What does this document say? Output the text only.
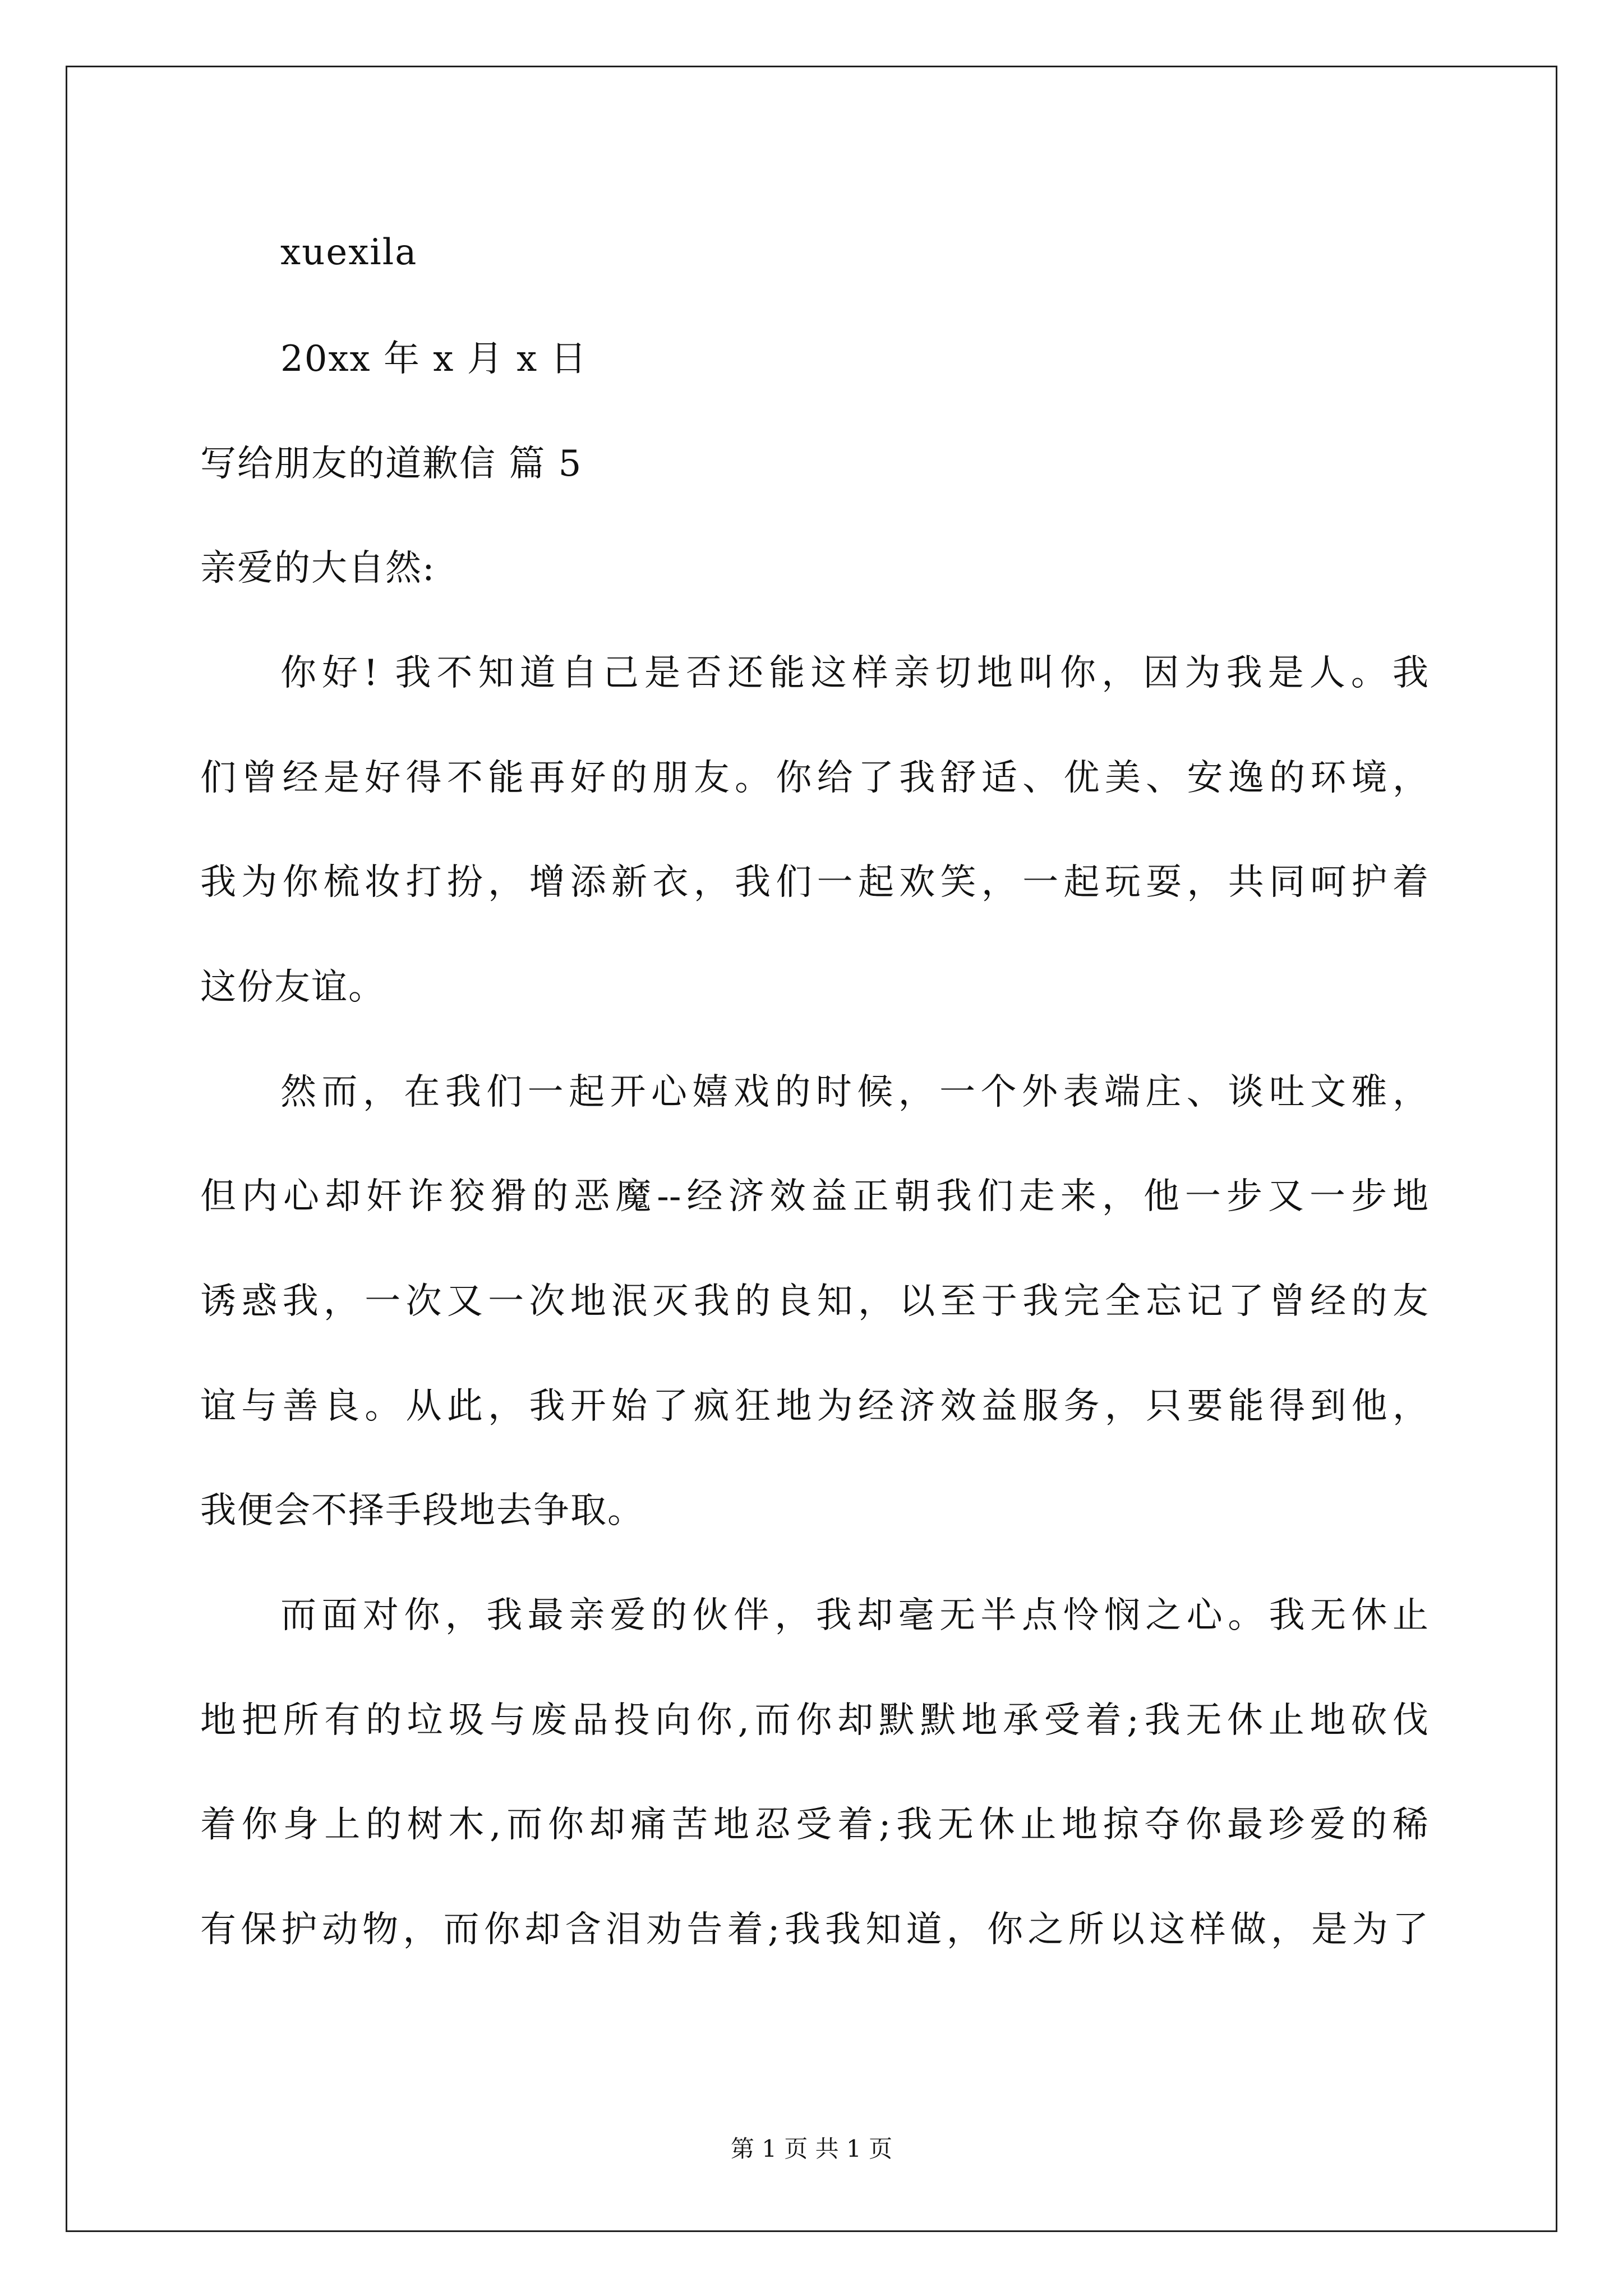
xuexila
20xx 年 x 月 x 日
写给朋友的道歉信 篇 5
亲爱的大自然:
你好! 我不知道自己是否还能这样亲切地叫你，因为我是人。我
们曾经是好得不能再好的朋友。你给了我舒适、优美、安逸的环境，
我为你梳妆打扮，增添新衣，我们一起欢笑，一起玩耍，共同呵护着
这份友谊。
然而，在我们一起开心嬉戏的时候，一个外表端庄、谈吐文雅，
但内心却奸诈狡猾的恶魔--经济效益正朝我们走来，他一步又一步地
诱惑我，一次又一次地泯灭我的良知，以至于我完全忘记了曾经的友
谊与善良。从此，我开始了疯狂地为经济效益服务，只要能得到他，
我便会不择手段地去争取。
而面对你，我最亲爱的伙伴，我却毫无半点怜悯之心。我无休止
地把所有的垃圾与废品投向你,而你却默默地承受着;我无休止地砍伐
着你身上的树木,而你却痛苦地忍受着;我无休止地掠夺你最珍爱的稀
有保护动物，而你却含泪劝告着;我我知道，你之所以这样做，是为了
第 1 页 共 1 页
